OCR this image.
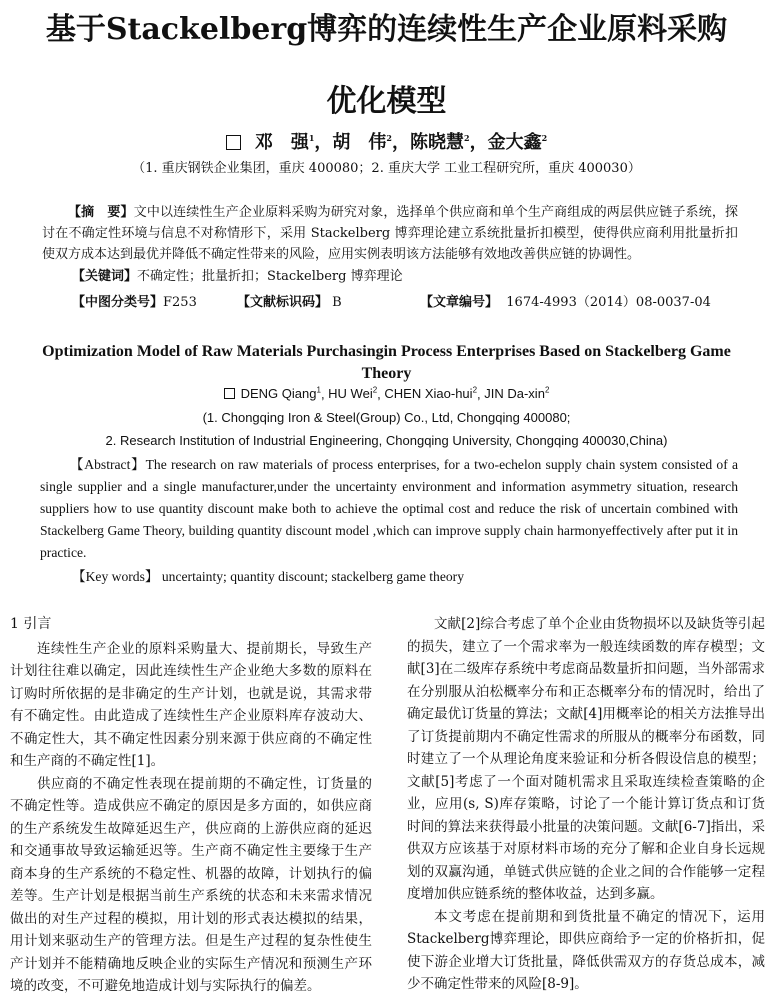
基于Stackelberg博弈的连续性生产企业原料采购
优化模型
邓　强$^1$，胡　伟$^2$，陈晓慧$^2$，金大鑫$^2$
（1. 重庆钢铁企业集团，重庆 400080；2. 重庆大学 工业工程研究所，重庆 400030）
【摘　要】文中以连续性生产企业原料采购为研究对象，选择单个供应商和单个生产商组成的两层供应链子系统，探讨在不确定性环境与信息不对称情形下，采用 Stackelberg 博弈理论建立系统批量折扣模型，使得供应商利用批量折扣使双方成本达到最优并降低不确定性带来的风险，应用实例表明该方法能够有效地改善供应链的协调性。
【关键词】不确定性；批量折扣；Stackelberg 博弈理论
【中图分类号】F253	【文献标识码】 B	【文章编号】 1674-4993（2014）08-0037-04
Optimization Model of Raw Materials Purchasingin Process Enterprises Based on Stackelberg Game Theory
DENG Qiang$^1$, HU Wei$^2$, CHEN Xiao-hui$^2$, JIN Da-xin$^2$
(1. Chongqing Iron & Steel(Group) Co., Ltd, Chongqing 400080;
2. Research Institution of Industrial Engineering, Chongqing University, Chongqing 400030,China)
【Abstract】The research on raw materials of process enterprises, for a two-echelon supply chain system consisted of a single supplier and a single manufacturer,under the uncertainty environment and information asymmetry situation, research suppliers how to use quantity discount make both to achieve the optimal cost and reduce the risk of uncertain combined with Stackelberg Game Theory, building quantity discount model ,which can improve supply chain harmonyeffectively after put it in practice.
【Key words】 uncertainty; quantity discount; stackelberg game theory
1 引言

连续性生产企业的原料采购量大、提前期长，导致生产计划往往难以确定，因此连续性生产企业绝大多数的原料在订购时所依据的是非确定的生产计划，也就是说，其需求带有不确定性。由此造成了连续性生产企业原料库存波动大、不确定性大，其不确定性因素分别来源于供应商的不确定性和生产商的不确定性[1]。

供应商的不确定性表现在提前期的不确定性，订货量的不确定性等。造成供应不确定的原因是多方面的，如供应商的生产系统发生故障延迟生产，供应商的上游供应商的延迟和交通事故导致运输延迟等。生产商不确定性主要缘于生产商本身的生产系统的不稳定性、机器的故障，计划执行的偏差等。生产计划是根据当前生产系统的状态和未来需求情况做出的对生产过程的模拟，用计划的形式表达模拟的结果，用计划来驱动生产的管理方法。但是生产过程的复杂性使生产计划并不能精确地反映企业的实际生产情况和预测生产环境的改变，不可避免地造成计划与实际执行的偏差。

文献[2]综合考虑了单个企业由货物损坏以及缺货等引起的损失，建立了一个需求率为一般连续函数的库存模型；文献[3]在二级库存系统中考虑商品数量折扣问题，当外部需求在分别服从泊松概率分布和正态概率分布的情况时，给出了确定最优订货量的算法；文献[4]用概率论的相关方法推导出了订货提前期内不确定性需求的所服从的概率分布函数，同时建立了一个从理论角度来验证和分析各假设信息的模型；文献[5]考虑了一个面对随机需求且采取连续检查策略的企业，应用(s, S)库存策略，讨论了一个能计算订货点和订货时间的算法来获得最小批量的决策问题。文献[6-7]指出，采供双方应该基于对原材料市场的充分了解和企业自身长远规划的双赢沟通，单链式供应链的企业之间的合作能够一定程度增加供应链系统的整体收益，达到多赢。

本文考虑在提前期和到货批量不确定的情况下，运用Stackelberg博弈理论，即供应商给予一定的价格折扣，促使下游企业增大订货批量，降低供需双方的存货总成本，减少不确定性带来的风险[8-9]。
